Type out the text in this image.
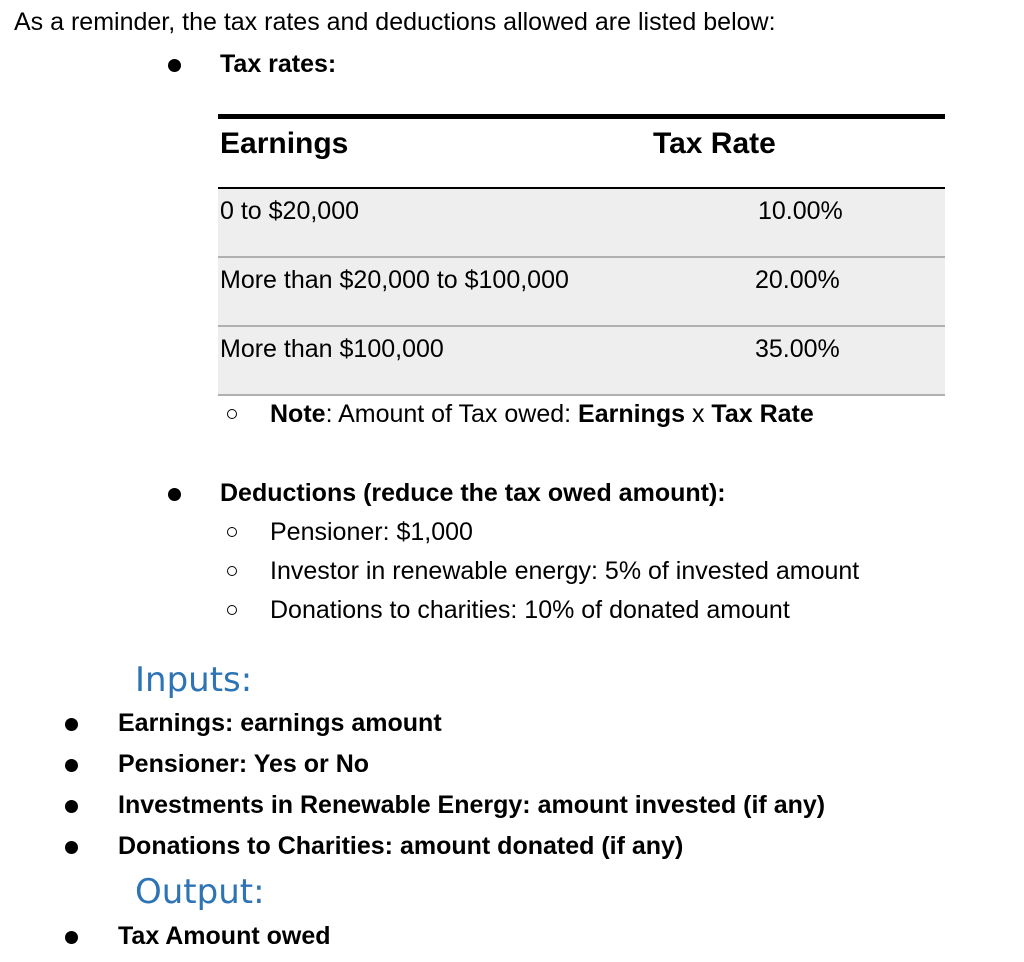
As a reminder, the tax rates and deductions allowed are listed below:
Tax rates:
Earnings	Tax Rate
0 to $20,000	10.00%
More than $20,000 to $100,000	20.00%
More than $100,000	35.00%
Note: Amount of Tax owed: Earnings x Tax Rate
Deductions (reduce the tax owed amount):
Pensioner: $1,000
Investor in renewable energy: 5% of invested amount
Donations to charities: 10% of donated amount
Inputs:
Earnings: earnings amount
Pensioner: Yes or No
Investments in Renewable Energy: amount invested (if any)
Donations to Charities: amount donated (if any)
Output:
Tax Amount owed
